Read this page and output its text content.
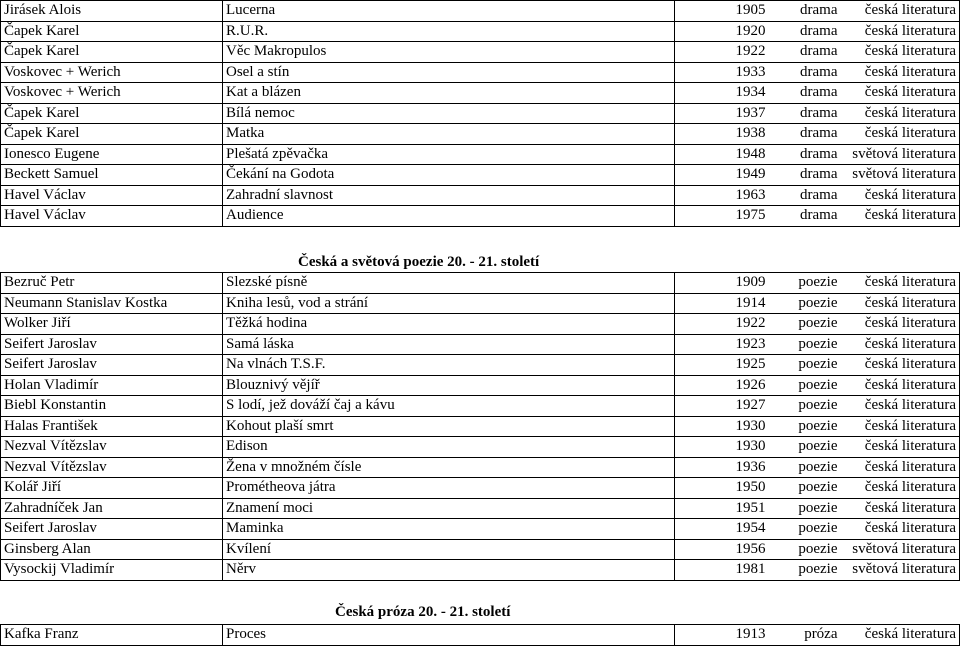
Jirásek Alois	Lucerna	1905	drama	česká literatura
Čapek Karel	R.U.R.	1920	drama	česká literatura
Čapek Karel	Věc Makropulos	1922	drama	česká literatura
Voskovec + Werich	Osel a stín	1933	drama	česká literatura
Voskovec + Werich	Kat a blázen	1934	drama	česká literatura
Čapek Karel	Bílá nemoc	1937	drama	česká literatura
Čapek Karel	Matka	1938	drama	česká literatura
Ionesco Eugene	Plešatá zpěvačka	1948	drama	světová literatura
Beckett Samuel	Čekání na Godota	1949	drama	světová literatura
Havel Václav	Zahradní slavnost	1963	drama	česká literatura
Havel Václav	Audience	1975	drama	česká literatura
Česká a světová poezie 20. - 21. století
Bezruč Petr	Slezské písně	1909	poezie	česká literatura
Neumann Stanislav Kostka	Kniha lesů, vod a strání	1914	poezie	česká literatura
Wolker Jiří	Těžká hodina	1922	poezie	česká literatura
Seifert Jaroslav	Samá láska	1923	poezie	česká literatura
Seifert Jaroslav	Na vlnách T.S.F.	1925	poezie	česká literatura
Holan Vladimír	Blouznivý vějíř	1926	poezie	česká literatura
Biebl Konstantin	S lodí, jež dováží čaj a kávu	1927	poezie	česká literatura
Halas František	Kohout plaší smrt	1930	poezie	česká literatura
Nezval Vítězslav	Edison	1930	poezie	česká literatura
Nezval Vítězslav	Žena v množném čísle	1936	poezie	česká literatura
Kolář Jiří	Prométheova játra	1950	poezie	česká literatura
Zahradníček Jan	Znamení moci	1951	poezie	česká literatura
Seifert Jaroslav	Maminka	1954	poezie	česká literatura
Ginsberg Alan	Kvílení	1956	poezie	světová literatura
Vysockij Vladimír	Něrv	1981	poezie	světová literatura
Česká próza 20. - 21. století
Kafka Franz	Proces	1913	próza	česká literatura
